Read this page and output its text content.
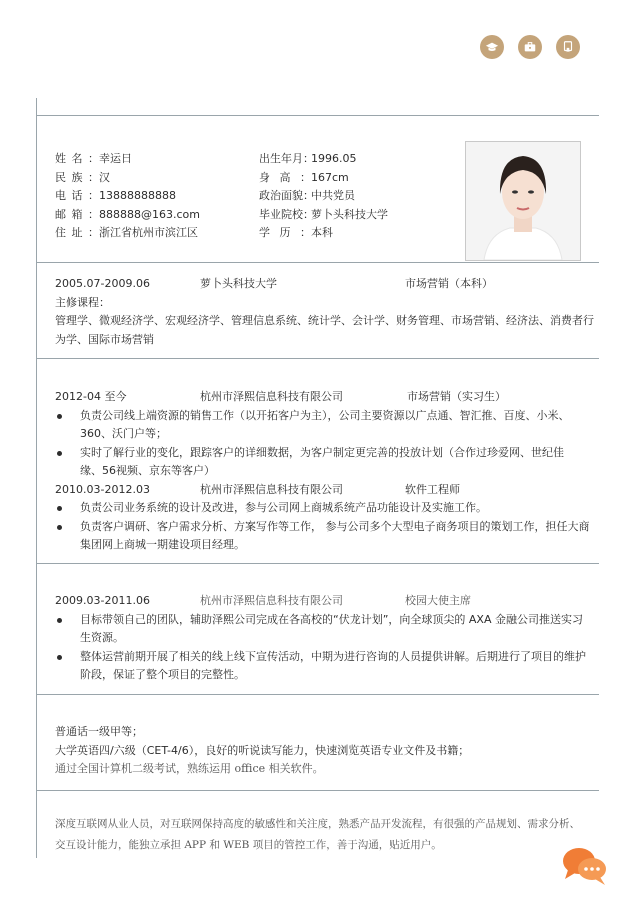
姓名：幸运日
民族：汉
电话：13888888888
邮箱：888888@163.com
住址：浙江省杭州市滨江区
出生年月：1996.05
身高：167cm
政治面貌：中共党员
毕业院校：萝卜头科技大学
学历：本科
2005.07-2009.06	萝卜头科技大学	市场营销（本科）
主修课程：
管理学、微观经济学、宏观经济学、管理信息系统、统计学、会计学、财务管理、市场营销、经济法、消费者行为学、国际市场营销
2012-04 至今	杭州市泽熙信息科技有限公司	市场营销（实习生）
负责公司线上端资源的销售工作（以开拓客户为主），公司主要资源以广点通、智汇推、百度、小米、360、沃门户等；
实时了解行业的变化，跟踪客户的详细数据，为客户制定更完善的投放计划（合作过珍爱网、世纪佳缘、56视频、京东等客户）
2010.03-2012.03	杭州市泽熙信息科技有限公司	软件工程师
负责公司业务系统的设计及改进，参与公司网上商城系统产品功能设计及实施工作。
负责客户调研、客户需求分析、方案写作等工作， 参与公司多个大型电子商务项目的策划工作，担任大商集团网上商城一期建设项目经理。
2009.03-2011.06	杭州市泽熙信息科技有限公司	校园大使主席
目标带领自己的团队，辅助泽熙公司完成在各高校的“伏龙计划”，向全球顶尖的 AXA 金融公司推送实习生资源。
整体运营前期开展了相关的线上线下宣传活动，中期为进行咨询的人员提供讲解。后期进行了项目的维护阶段，保证了整个项目的完整性。
普通话一级甲等；
大学英语四/六级（CET-4/6），良好的听说读写能力，快速浏览英语专业文件及书籍；
通过全国计算机二级考试，熟练运用 office 相关软件。
深度互联网从业人员，对互联网保持高度的敏感性和关注度，熟悉产品开发流程，有很强的产品规划、需求分析、交互设计能力，能独立承担 APP 和 WEB 项目的管控工作，善于沟通，贴近用户。
